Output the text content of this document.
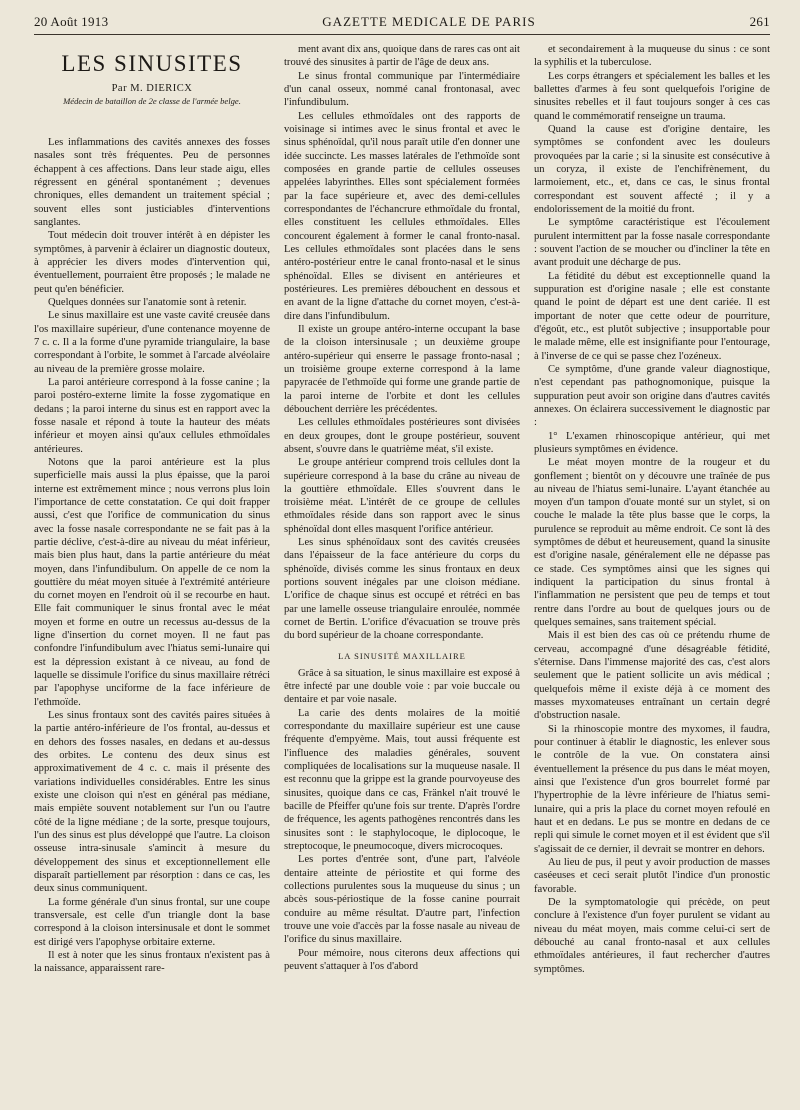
20 Août 1913	GAZETTE MEDICALE DE PARIS	261
LES SINUSITES
Par M. DIERICX
Médecin de bataillon de 2e classe de l'armée belge.

Les inflammations des cavités annexes des fosses nasales sont très fréquentes. Peu de personnes échappent à ces affections. Dans leur stade aigu, elles régressent en général spontanément ; devenues chroniques, elles demandent un traitement spécial ; souvent elles sont justiciables d'interventions sanglantes.

Tout médecin doit trouver intérêt à en dépister les symptômes, à parvenir à éclairer un diagnostic douteux, à apprécier les divers modes d'intervention qui, éventuellement, pourraient être proposés ; le malade ne peut qu'en bénéficier.

Quelques données sur l'anatomie sont à retenir.

Le sinus maxillaire est une vaste cavité creusée dans l'os maxillaire supérieur, d'une contenance moyenne de 7 c. c. Il a la forme d'une pyramide triangulaire, la base correspondant à l'orbite, le sommet à l'arcade alvéolaire au niveau de la première grosse molaire.

La paroi antérieure correspond à la fosse canine ; la paroi postéro-externe limite la fosse zygomatique en dedans ; la paroi interne du sinus est en rapport avec la fosse nasale et répond à toute la hauteur des méats inférieur et moyen ainsi qu'aux cellules ethmoïdales antérieures.

Notons que la paroi antérieure est la plus superficielle mais aussi la plus épaisse, que la paroi interne est extrêmement mince ; nous verrons plus loin l'importance de cette constatation. Ce qui doit frapper aussi, c'est que l'orifice de communication du sinus avec la fosse nasale correspondante ne se fait pas à la partie déclive, c'est-à-dire au niveau du méat inférieur, mais bien plus haut, dans la partie antérieure du méat moyen, dans l'infundibulum. On appelle de ce nom la gouttière du méat moyen située à l'extrémité antérieure du cornet moyen en l'endroit où il se recourbe en haut. Elle fait communiquer le sinus frontal avec le méat moyen et forme en outre un recessus au-dessus de la ligne d'insertion du cornet moyen. Il ne faut pas confondre l'infundibulum avec l'hiatus semi-lunaire qui est la dépression existant à ce niveau, au fond de laquelle se dissimule l'orifice du sinus maxillaire rétréci par l'apophyse unciforme de la face inférieure de l'ethmoïde.

Les sinus frontaux sont des cavités paires situées à la partie antéro-inférieure de l'os frontal, au-dessus et en dehors des fosses nasales, en dedans et au-dessus des orbites. Le contenu des deux sinus est approximativement de 4 c. c. mais il présente des variations individuelles considérables. Entre les sinus existe une cloison qui n'est en général pas médiane, mais empiète souvent notablement sur l'un ou l'autre côté de la ligne médiane ; de la sorte, presque toujours, l'un des sinus est plus développé que l'autre. La cloison osseuse intra-sinusale s'amincit à mesure du développement des sinus et exceptionnellement elle disparaît partiellement par résorption : dans ce cas, les deux sinus communiquent.

La forme générale d'un sinus frontal, sur une coupe transversale, est celle d'un triangle dont la base correspond à la cloison intersinusale et dont le sommet est dirigé vers l'apophyse orbitaire externe.

Il est à noter que les sinus frontaux n'existent pas à la naissance, apparaissent rare-

ment avant dix ans, quoique dans de rares cas ont ait trouvé des sinusites à partir de l'âge de deux ans.

Le sinus frontal communique par l'intermédiaire d'un canal osseux, nommé canal frontonasal, avec l'infundibulum.

Les cellules ethmoïdales ont des rapports de voisinage si intimes avec le sinus frontal et avec le sinus sphénoïdal, qu'il nous paraît utile d'en donner une idée succincte. Les masses latérales de l'ethmoïde sont composées en grande partie de cellules osseuses appelées labyrinthes. Elles sont spécialement formées par la face supérieure et, avec des demi-cellules correspondantes de l'échancrure ethmoïdale du frontal, elles constituent les cellules ethmoïdales. Elles concourent également à former le canal fronto-nasal. Les cellules ethmoïdales sont placées dans le sens antéro-postérieur entre le canal fronto-nasal et le sinus sphénoïdal. Elles se divisent en antérieures et postérieures. Les premières débouchent en dessous et en avant de la ligne d'attache du cornet moyen, c'est-à-dire dans l'infundibulum.

Il existe un groupe antéro-interne occupant la base de la cloison intersinusale ; un deuxième groupe antéro-supérieur qui enserre le passage fronto-nasal ; un troisième groupe externe correspond à la lame papyracée de l'ethmoïde qui forme une grande partie de la paroi interne de l'orbite et dont les cellules débouchent derrière les précédentes.

Les cellules ethmoïdales postérieures sont divisées en deux groupes, dont le groupe postérieur, souvent absent, s'ouvre dans le quatrième méat, s'il existe.

Le groupe antérieur comprend trois cellules dont la supérieure correspond à la base du crâne au niveau de la gouttière ethmoïdale. Elles s'ouvrent dans le troisième méat. L'intérêt de ce groupe de cellules ethmoïdales réside dans son rapport avec le sinus sphénoïdal dont elles masquent l'orifice antérieur.

Les sinus sphénoïdaux sont des cavités creusées dans l'épaisseur de la face antérieure du corps du sphénoïde, divisés comme les sinus frontaux en deux portions souvent inégales par une cloison médiane. L'orifice de chaque sinus est occupé et rétréci en bas par une lamelle osseuse triangulaire enroulée, nommée cornet de Bertin. L'orifice d'évacuation se trouve près du bord supérieur de la choane correspondante.

LA SINUSITÉ MAXILLAIRE

Grâce à sa situation, le sinus maxillaire est exposé à être infecté par une double voie : par voie buccale ou dentaire et par voie nasale.

La carie des dents molaires de la moitié correspondante du maxillaire supérieur est une cause fréquente d'empyème. Mais, tout aussi fréquente est l'influence des maladies générales, souvent compliquées de localisations sur la muqueuse nasale. Il est reconnu que la grippe est la grande pourvoyeuse des sinusites, quoique dans ce cas, Fränkel n'ait trouvé le bacille de Pfeiffer qu'une fois sur trente. D'après l'ordre de fréquence, les agents pathogènes rencontrés dans les sinusites sont : le staphylocoque, le diplocoque, le streptocoque, le pneumocoque, divers microcoques.

Les portes d'entrée sont, d'une part, l'alvéole dentaire atteinte de périostite et qui forme des collections purulentes sous la muqueuse du sinus ; un abcès sous-périostique de la fosse canine pourrait conduire au même résultat. D'autre part, l'infection trouve une voie d'accès par la fosse nasale au niveau de l'orifice du sinus maxillaire.

Pour mémoire, nous citerons deux affections qui peuvent s'attaquer à l'os d'abord

et secondairement à la muqueuse du sinus : ce sont la syphilis et la tuberculose.

Les corps étrangers et spécialement les balles et les ballettes d'armes à feu sont quelquefois l'origine de sinusites rebelles et il faut toujours songer à ces cas quand le commémoratif renseigne un trauma.

Quand la cause est d'origine dentaire, les symptômes se confondent avec les douleurs provoquées par la carie ; si la sinusite est consécutive à un coryza, il existe de l'enchifrènement, du larmoiement, etc., et, dans ce cas, le sinus frontal correspondant est souvent affecté ; il y a endolorissement de la moitié du front.

Le symptôme caractéristique est l'écoulement purulent intermittent par la fosse nasale correspondante : souvent l'action de se moucher ou d'incliner la tête en avant produit une décharge de pus.

La fétidité du début est exceptionnelle quand la suppuration est d'origine nasale ; elle est constante quand le point de départ est une dent cariée. Il est important de noter que cette odeur de pourriture, d'égoût, etc., est plutôt subjective ; insupportable pour le malade même, elle est insignifiante pour l'entourage, à l'inverse de ce qui se passe chez l'ozéneux.

Ce symptôme, d'une grande valeur diagnostique, n'est cependant pas pathognomonique, puisque la suppuration peut avoir son origine dans d'autres cavités annexes. On éclairera successivement le diagnostic par :

1° L'examen rhinoscopique antérieur, qui met plusieurs symptômes en évidence.

Le méat moyen montre de la rougeur et du gonflement ; bientôt on y découvre une traînée de pus au niveau de l'hiatus semi-lunaire. L'ayant étanchée au moyen d'un tampon d'ouate monté sur un stylet, si on couche le malade la tête plus basse que le corps, la purulence se reproduit au même endroit. Ce sont là des symptômes de début et heureusement, quand la sinusite est d'origine nasale, généralement elle ne dépasse pas ce stade. Ces symptômes ainsi que les signes qui indiquent la participation du sinus frontal à l'inflammation ne persistent que peu de temps et tout rentre dans l'ordre au bout de quelques jours ou de quelques semaines, sans traitement spécial.

Mais il est bien des cas où ce prétendu rhume de cerveau, accompagné d'une désagréable fétidité, s'éternise. Dans l'immense majorité des cas, c'est alors seulement que le patient sollicite un avis médical ; quelquefois même il existe déjà à ce moment des masses myxomateuses entraînant un certain degré d'obstruction nasale.

Si la rhinoscopie montre des myxomes, il faudra, pour continuer à établir le diagnostic, les enlever sous le contrôle de la vue. On constatera ainsi éventuellement la présence du pus dans le méat moyen, ainsi que l'existence d'un gros bourrelet formé par l'hypertrophie de la lèvre inférieure de l'hiatus semi-lunaire, qui a pris la place du cornet moyen refoulé en haut et en dedans. Le pus se montre en dedans de ce repli qui simule le cornet moyen et il est évident que s'il s'agissait de ce dernier, il devrait se montrer en dehors.

Au lieu de pus, il peut y avoir production de masses caséeuses et ceci serait plutôt l'indice d'un pronostic favorable.

De la symptomatologie qui précède, on peut conclure à l'existence d'un foyer purulent se vidant au niveau du méat moyen, mais comme celui-ci sert de débouché au canal fronto-nasal et aux cellules ethmoïdales antérieures, il faut rechercher d'autres symptômes.
